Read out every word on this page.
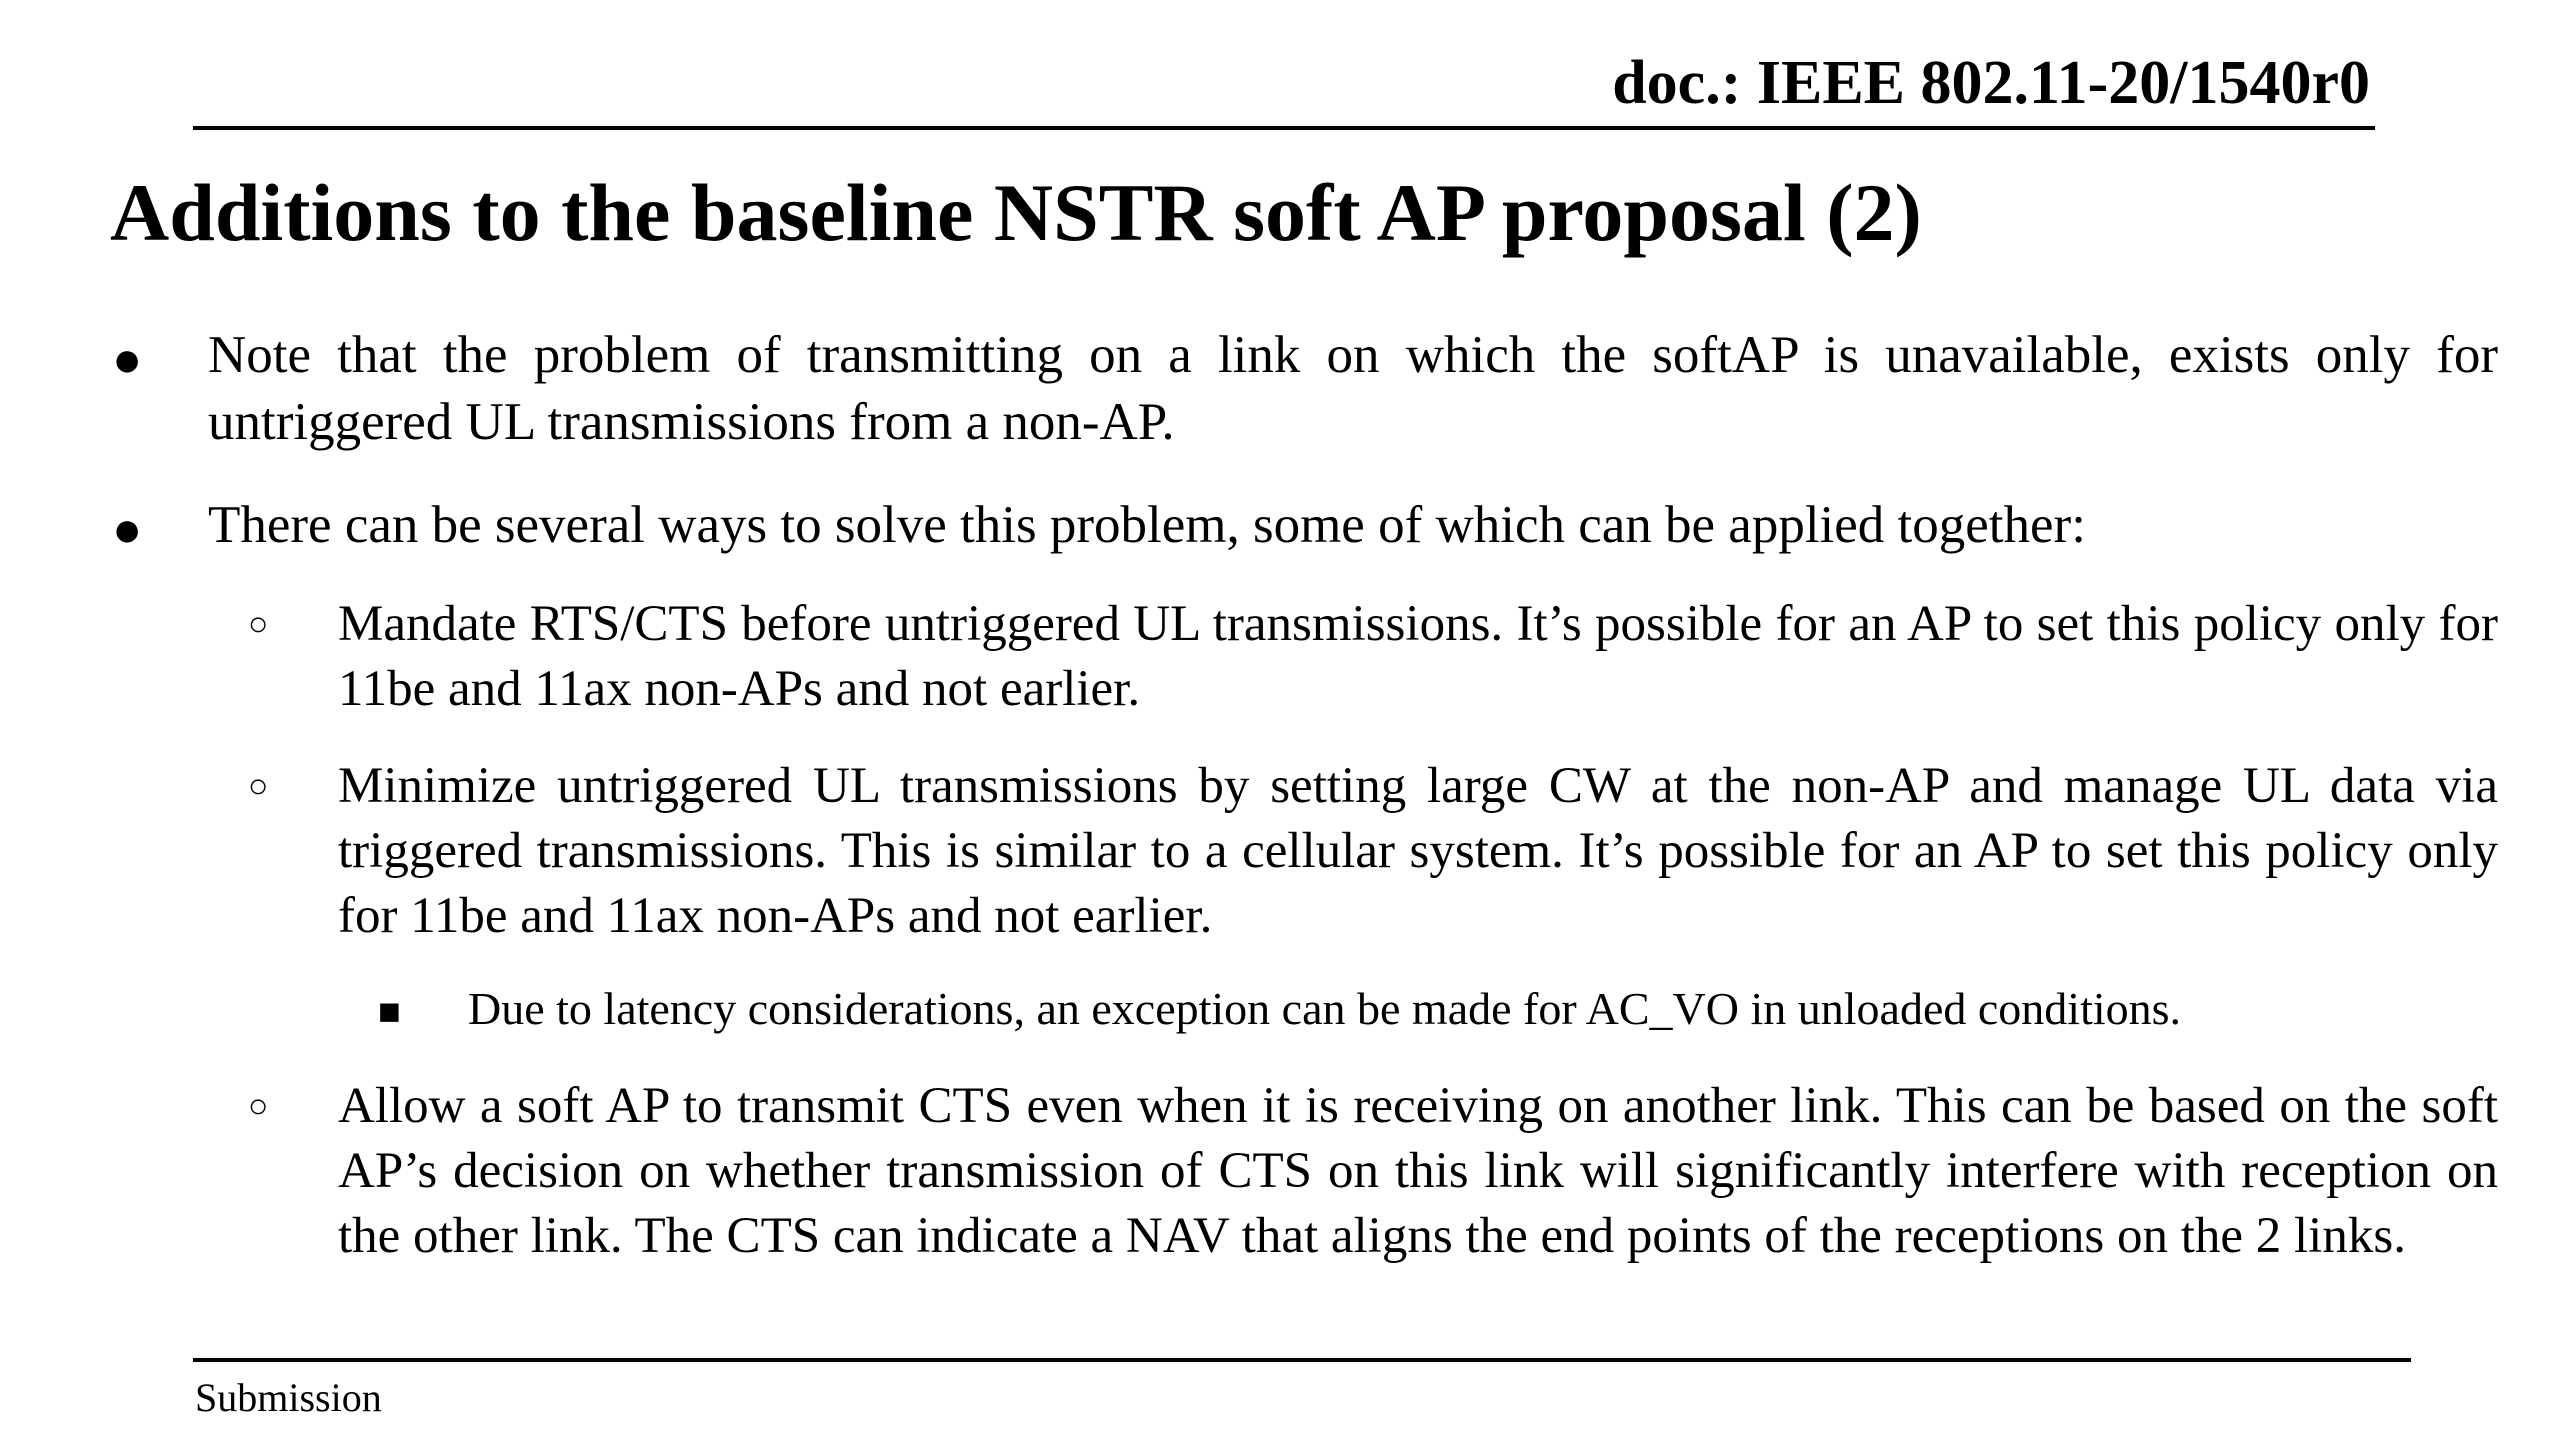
doc.: IEEE 802.11-20/1540r0
Additions to the baseline NSTR soft AP proposal (2)
● Note that the problem of transmitting on a link on which the softAP is unavailable, exists only for untriggered UL transmissions from a non-AP.
● There can be several ways to solve this problem, some of which can be applied together:
○ Mandate RTS/CTS before untriggered UL transmissions. It’s possible for an AP to set this policy only for 11be and 11ax non-APs and not earlier.
○ Minimize untriggered UL transmissions by setting large CW at the non-AP and manage UL data via triggered transmissions. This is similar to a cellular system. It’s possible for an AP to set this policy only for 11be and 11ax non-APs and not earlier.
■ Due to latency considerations, an exception can be made for AC_VO in unloaded conditions.
○ Allow a soft AP to transmit CTS even when it is receiving on another link. This can be based on the soft AP’s decision on whether transmission of CTS on this link will significantly interfere with reception on the other link. The CTS can indicate a NAV that aligns the end points of the receptions on the 2 links.
Submission
